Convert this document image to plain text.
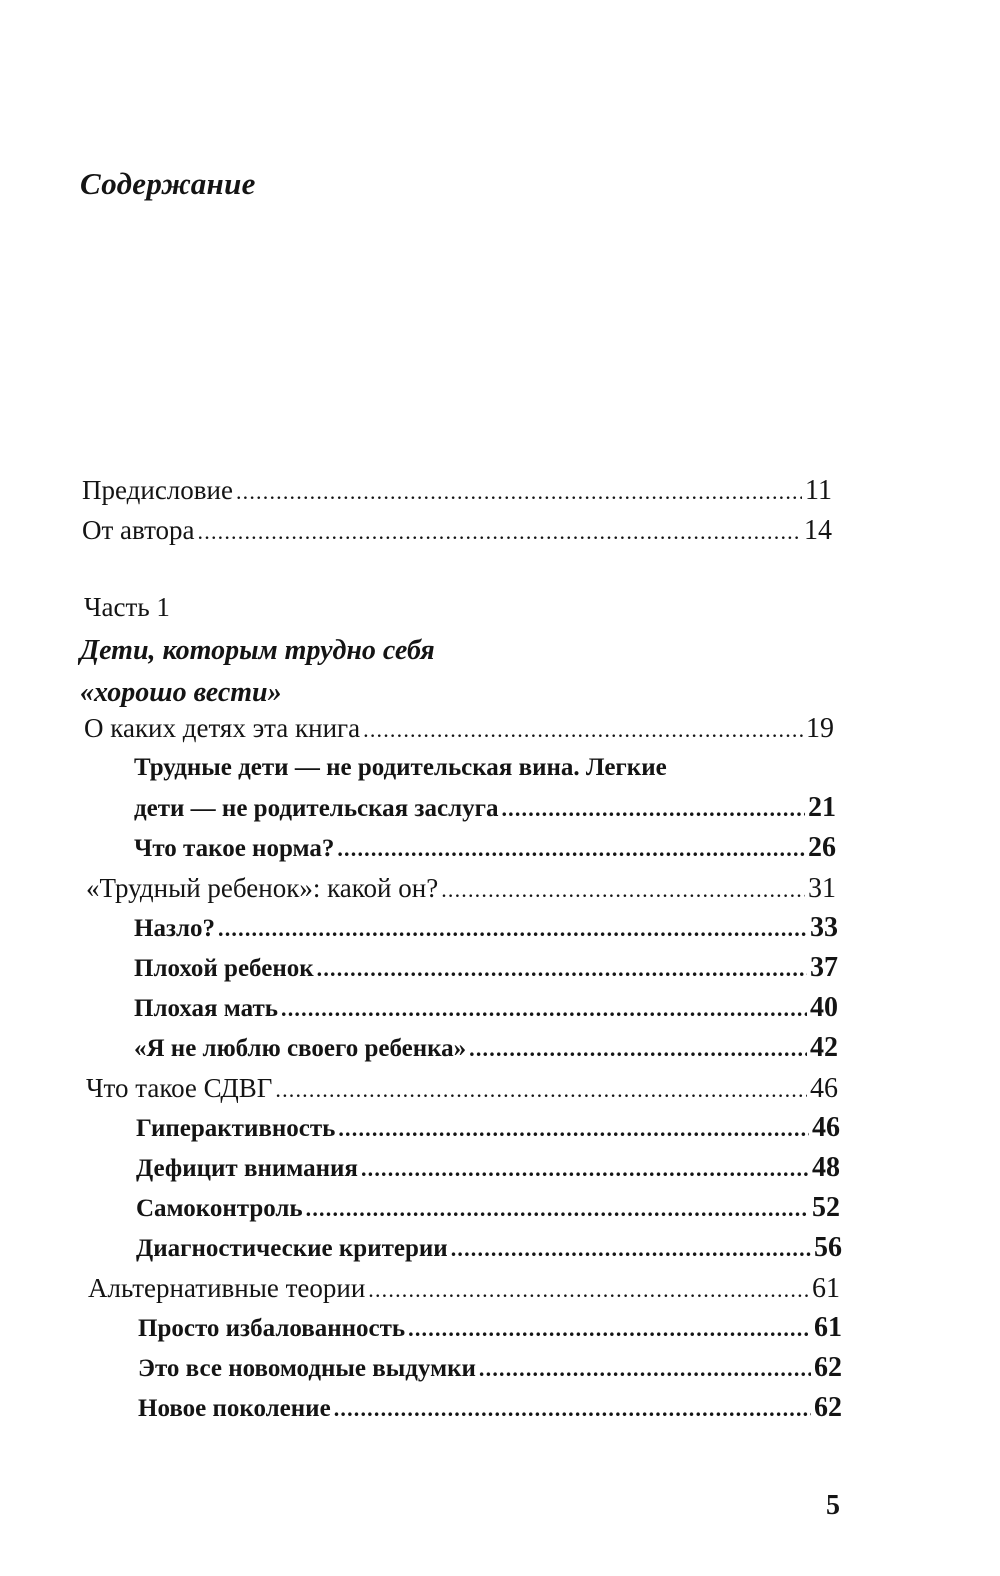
Содержание
Предисловие .....	11
От автора .....	14
Часть 1
Дети, которым трудно себя
«хорошо вести»
О каких детях эта книга .....	19
Трудные дети — не родительская вина. Легкие
дети — не родительская заслуга .....	21
Что такое норма? .....	26
«Трудный ребенок»: какой он? .....	31
Назло? .....	33
Плохой ребенок .....	37
Плохая мать .....	40
«Я не люблю своего ребенка» .....	42
Что такое СДВГ .....	46
Гиперактивность .....	46
Дефицит внимания .....	48
Самоконтроль .....	52
Диагностические критерии .....	56
Альтернативные теории .....	61
Просто избалованность .....	61
Это все новомодные выдумки .....	62
Новое поколение .....	62
5
